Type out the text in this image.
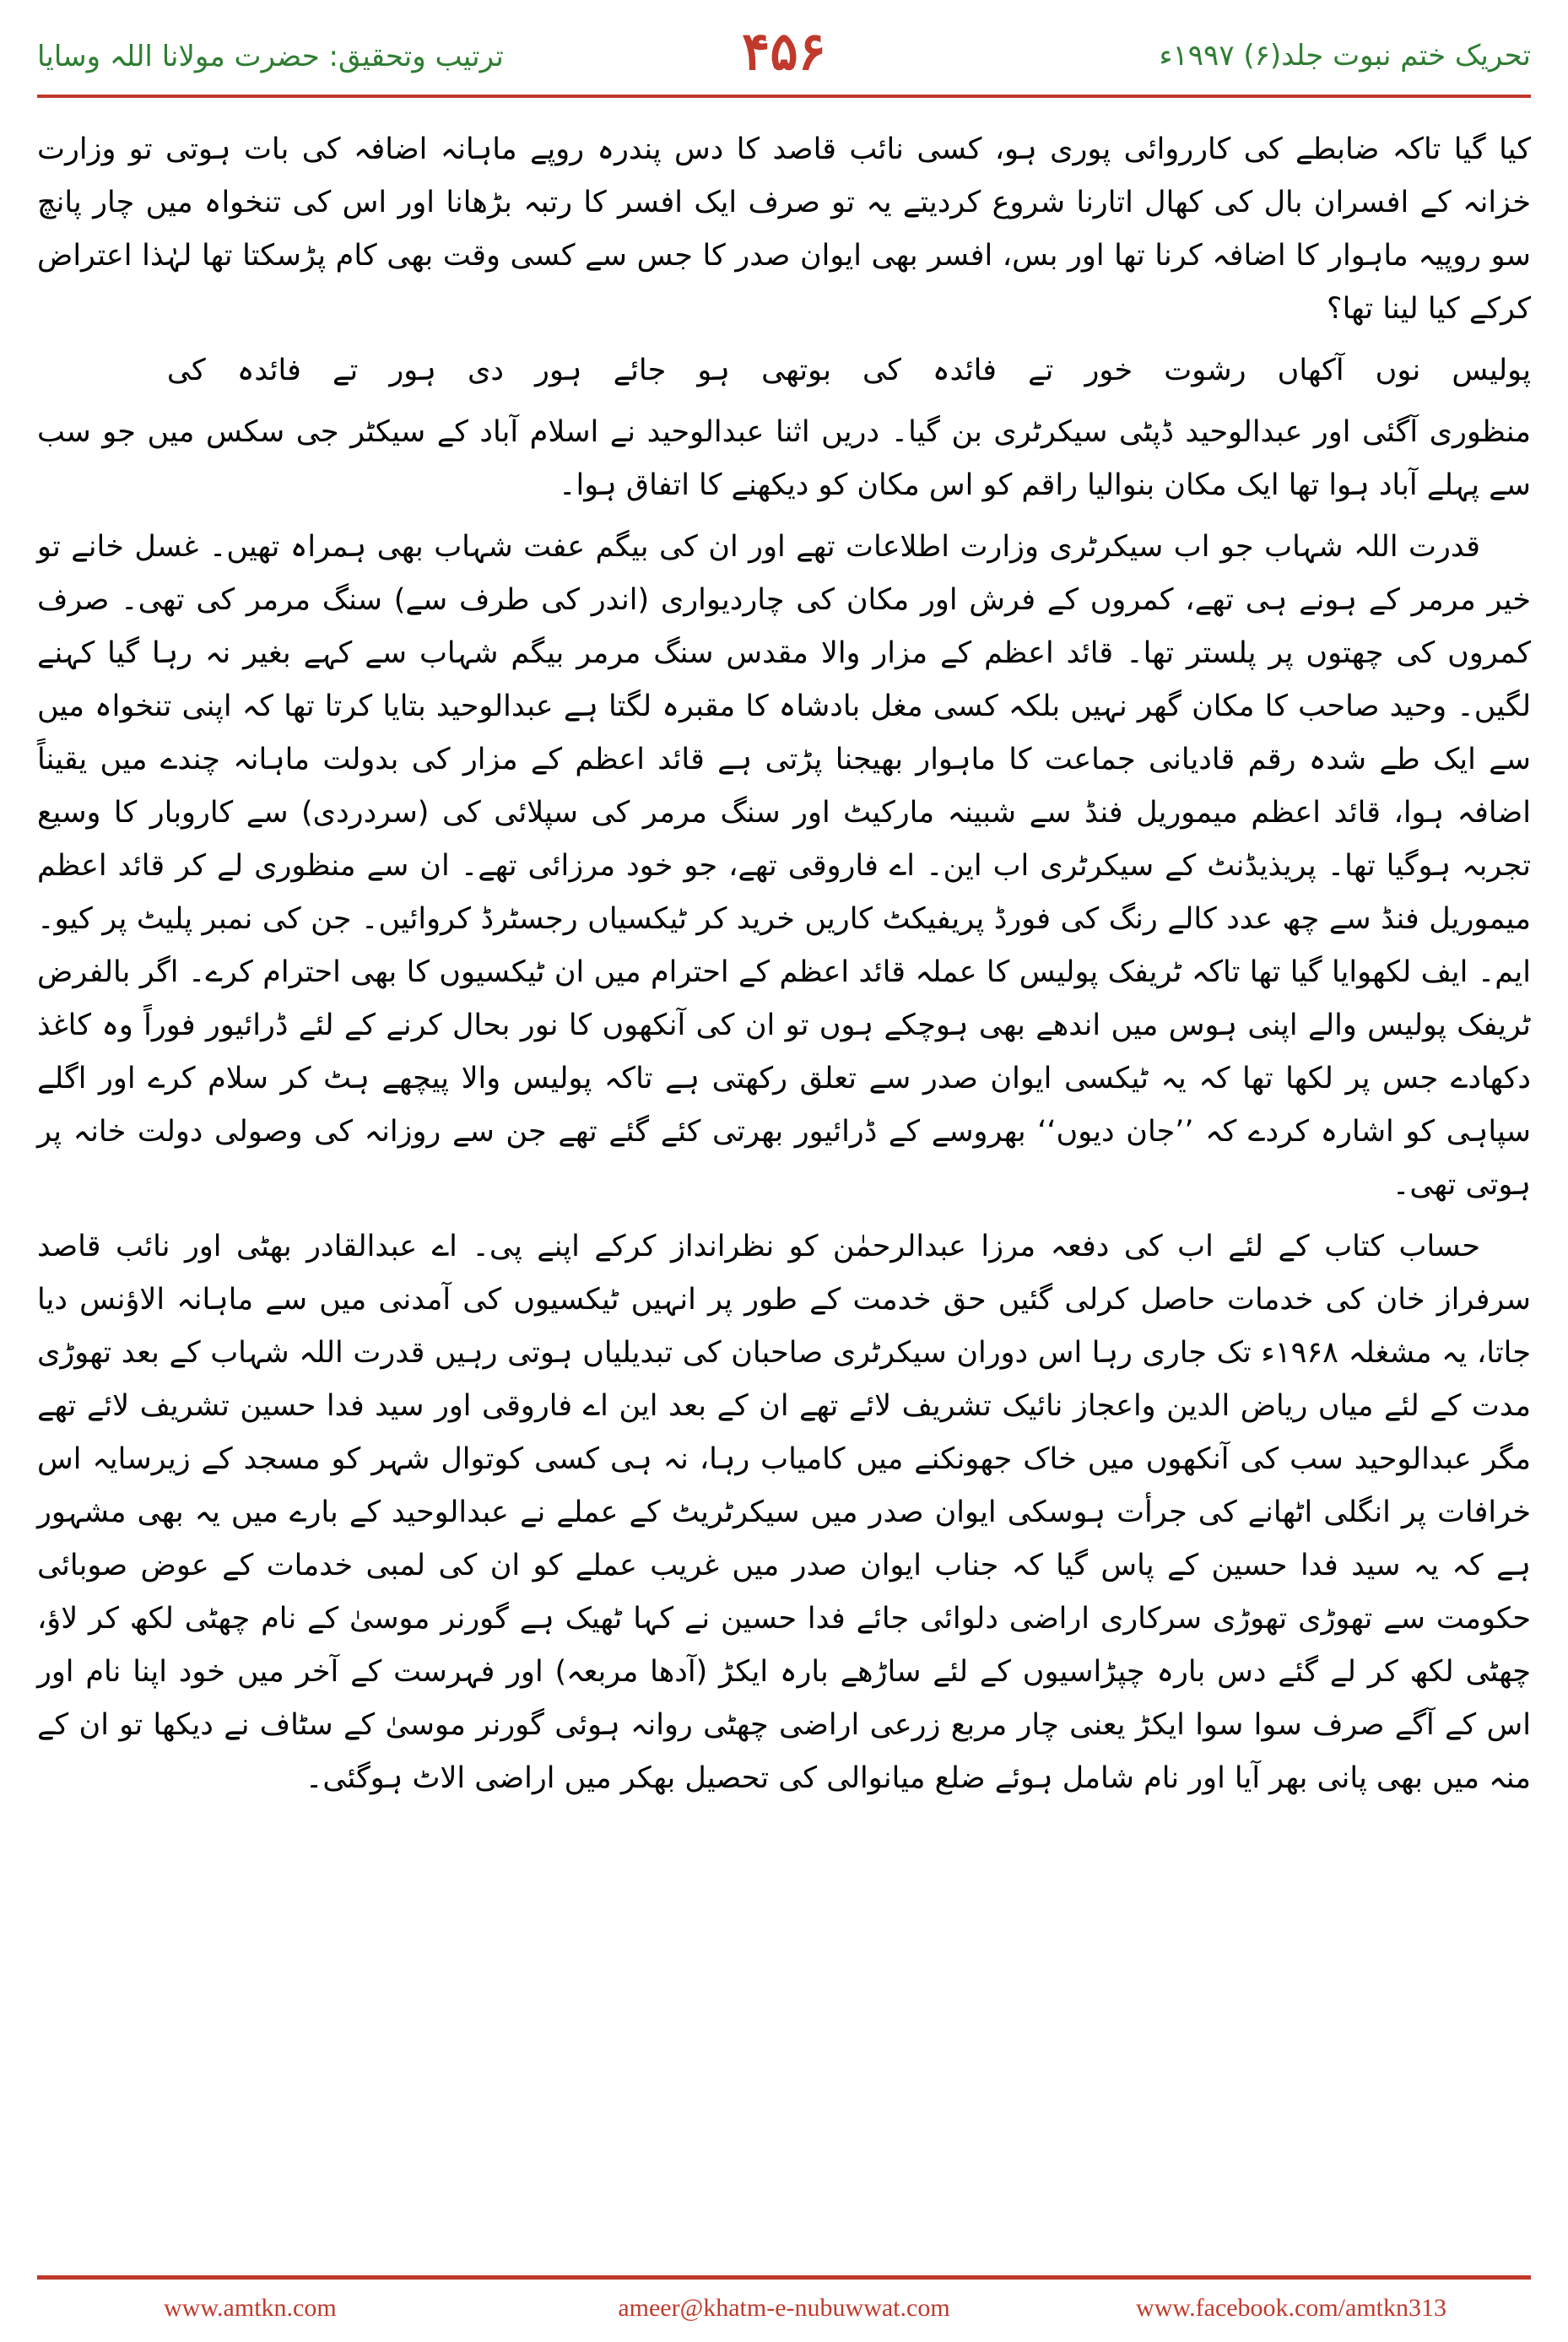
ترتیب وتحقیق: حضرت مولانا اللہ وسایا	۴۵۶	تحریک ختم نبوت جلد(۶) ۱۹۹۷ء

کیا گیا تاکہ ضابطے کی کارروائی پوری ہو، کسی نائب قاصد کا دس پندرہ روپے ماہانہ اضافہ کی بات ہوتی تو وزارت خزانہ کے افسران بال کی کھال اتارنا شروع کردیتے یہ تو صرف ایک افسر کا رتبہ بڑھانا اور اس کی تنخواہ میں چار پانچ سو روپیہ ماہوار کا اضافہ کرنا تھا اور بس، افسر بھی ایوان صدر کا جس سے کسی وقت بھی کام پڑسکتا تھا لہٰذا اعتراض کرکے کیا لینا تھا؟

پولیس نوں آکھاں رشوت خور تے فائدہ کی بوتھی ہو جائے ہور دی ہور تے فائدہ کی

منظوری آگئی اور عبدالوحید ڈپٹی سیکرٹری بن گیا۔ دریں اثنا عبدالوحید نے اسلام آباد کے سیکٹر جی سکس میں جو سب سے پہلے آباد ہوا تھا ایک مکان بنوالیا راقم کو اس مکان کو دیکھنے کا اتفاق ہوا۔

قدرت اللہ شہاب جو اب سیکرٹری وزارت اطلاعات تھے اور ان کی بیگم عفت شہاب بھی ہمراہ تھیں۔ غسل خانے تو خیر مرمر کے ہونے ہی تھے، کمروں کے فرش اور مکان کی چاردیواری (اندر کی طرف سے) سنگ مرمر کی تھی۔ صرف کمروں کی چھتوں پر پلستر تھا۔ قائد اعظم کے مزار والا مقدس سنگ مرمر بیگم شہاب سے کہے بغیر نہ رہا گیا کہنے لگیں۔ وحید صاحب کا مکان گھر نہیں بلکہ کسی مغل بادشاہ کا مقبرہ لگتا ہے عبدالوحید بتایا کرتا تھا کہ اپنی تنخواہ میں سے ایک طے شدہ رقم قادیانی جماعت کا ماہوار بھیجنا پڑتی ہے قائد اعظم کے مزار کی بدولت ماہانہ چندے میں یقیناً اضافہ ہوا، قائد اعظم میموریل فنڈ سے شبینہ مارکیٹ اور سنگ مرمر کی سپلائی کی (سردردی) سے کاروبار کا وسیع تجربہ ہوگیا تھا۔ پریذیڈنٹ کے سیکرٹری اب این۔ اے فاروقی تھے، جو خود مرزائی تھے۔ ان سے منظوری لے کر قائد اعظم میموریل فنڈ سے چھ عدد کالے رنگ کی فورڈ پریفیکٹ کاریں خرید کر ٹیکسیاں رجسٹرڈ کروائیں۔ جن کی نمبر پلیٹ پر کیو۔ ایم۔ ایف لکھوایا گیا تھا تاکہ ٹریفک پولیس کا عملہ قائد اعظم کے احترام میں ان ٹیکسیوں کا بھی احترام کرے۔ اگر بالفرض ٹریفک پولیس والے اپنی ہوس میں اندھے بھی ہوچکے ہوں تو ان کی آنکھوں کا نور بحال کرنے کے لئے ڈرائیور فوراً وہ کاغذ دکھادے جس پر لکھا تھا کہ یہ ٹیکسی ایوان صدر سے تعلق رکھتی ہے تاکہ پولیس والا پیچھے ہٹ کر سلام کرے اور اگلے سپاہی کو اشارہ کردے کہ ’’جان دیوں‘‘ بھروسے کے ڈرائیور بھرتی کئے گئے تھے جن سے روزانہ کی وصولی دولت خانہ پر ہوتی تھی۔

حساب کتاب کے لئے اب کی دفعہ مرزا عبدالرحمٰن کو نظرانداز کرکے اپنے پی۔ اے عبدالقادر بھٹی اور نائب قاصد سرفراز خان کی خدمات حاصل کرلی گئیں حق خدمت کے طور پر انہیں ٹیکسیوں کی آمدنی میں سے ماہانہ الاؤنس دیا جاتا، یہ مشغلہ ۱۹۶۸ء تک جاری رہا اس دوران سیکرٹری صاحبان کی تبدیلیاں ہوتی رہیں قدرت اللہ شہاب کے بعد تھوڑی مدت کے لئے میاں ریاض الدین واعجاز نائیک تشریف لائے تھے ان کے بعد این اے فاروقی اور سید فدا حسین تشریف لائے تھے مگر عبدالوحید سب کی آنکھوں میں خاک جھونکنے میں کامیاب رہا، نہ ہی کسی کوتوال شہر کو مسجد کے زیرسایہ اس خرافات پر انگلی اٹھانے کی جرأت ہوسکی ایوان صدر میں سیکرٹریٹ کے عملے نے عبدالوحید کے بارے میں یہ بھی مشہور ہے کہ یہ سید فدا حسین کے پاس گیا کہ جناب ایوان صدر میں غریب عملے کو ان کی لمبی خدمات کے عوض صوبائی حکومت سے تھوڑی تھوڑی سرکاری اراضی دلوائی جائے فدا حسین نے کہا ٹھیک ہے گورنر موسیٰ کے نام چھٹی لکھ کر لاؤ، چھٹی لکھ کر لے گئے دس بارہ چپڑاسیوں کے لئے ساڑھے بارہ ایکڑ (آدھا مربعہ) اور فہرست کے آخر میں خود اپنا نام اور اس کے آگے صرف سوا سوا ایکڑ یعنی چار مربع زرعی اراضی چھٹی روانہ ہوئی گورنر موسیٰ کے سٹاف نے دیکھا تو ان کے منہ میں بھی پانی بھر آیا اور نام شامل ہوئے ضلع میانوالی کی تحصیل بھکر میں اراضی الاٹ ہوگئی۔

www.amtkn.com	ameer@khatm-e-nubuwwat.com	www.facebook.com/amtkn313
